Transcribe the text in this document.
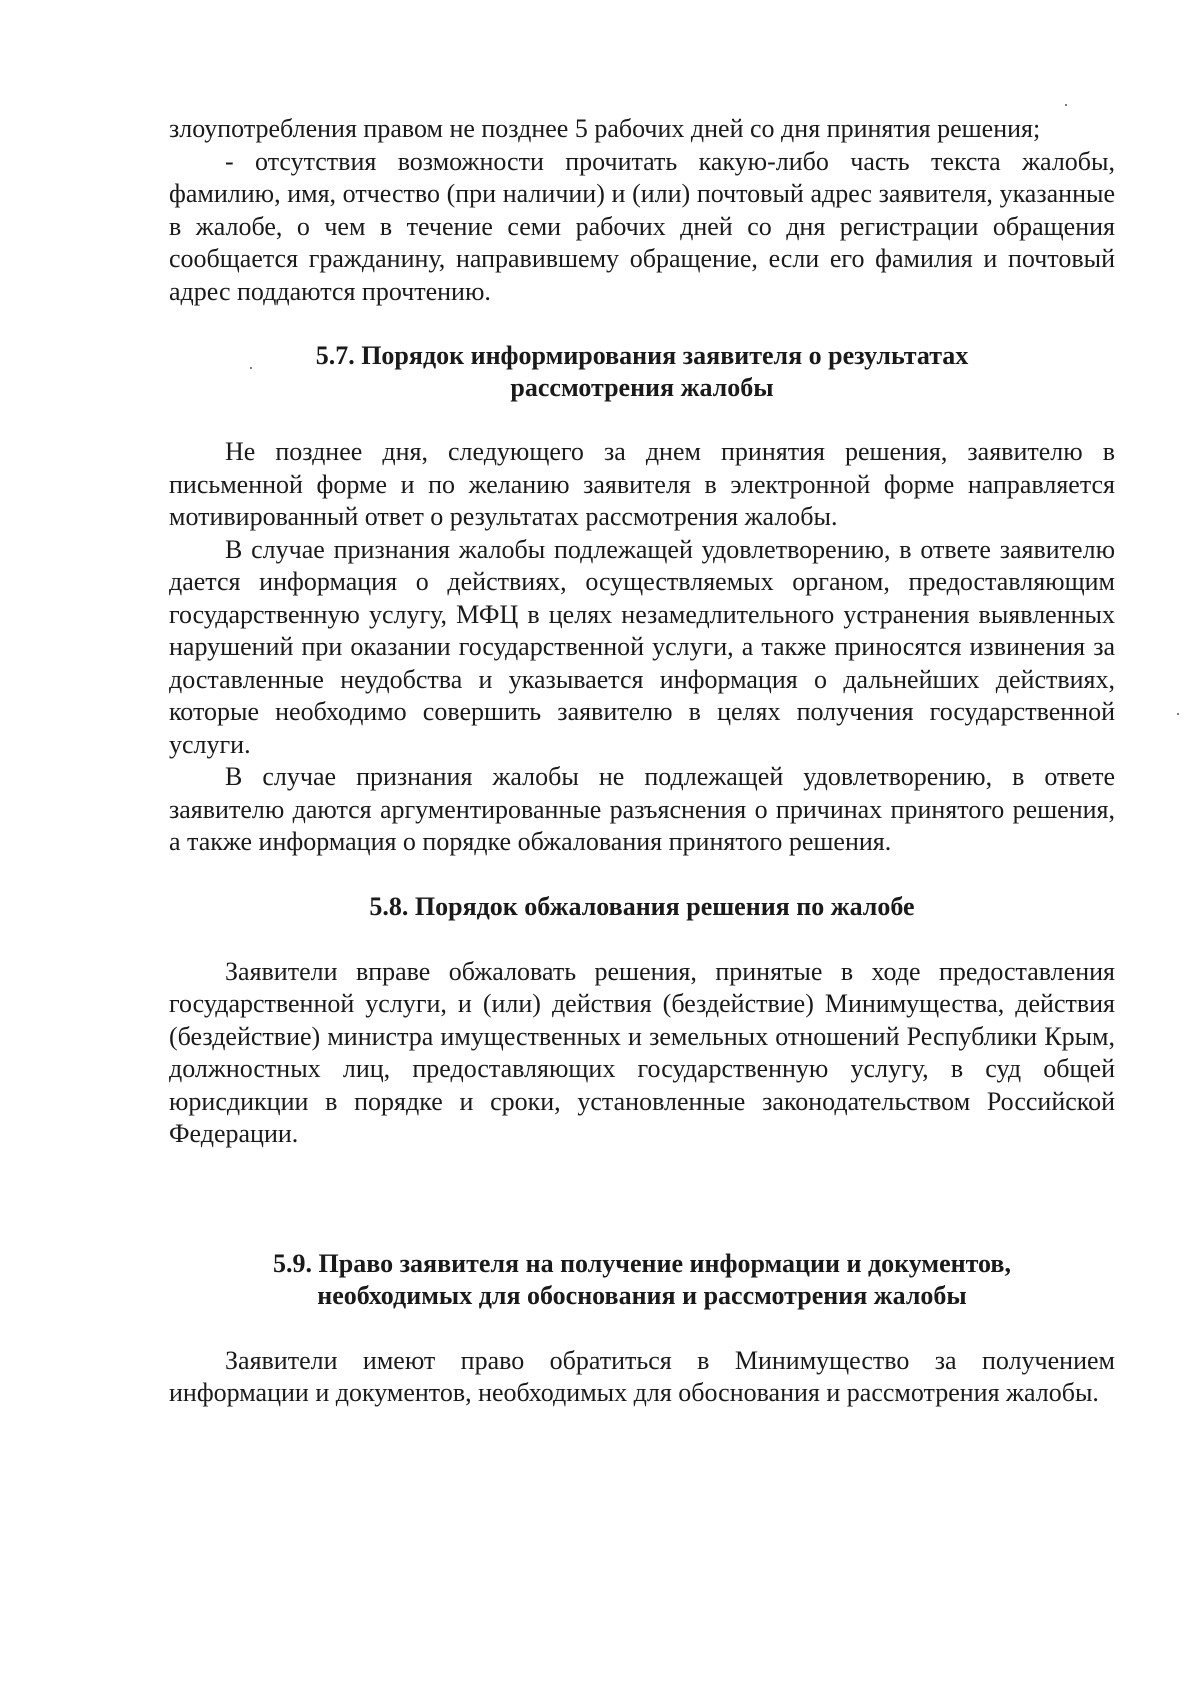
злоупотребления правом не позднее 5 рабочих дней со дня принятия решения;

- отсутствия возможности прочитать какую-либо часть текста жалобы, фамилию, имя, отчество (при наличии) и (или) почтовый адрес заявителя, указанные в жалобе, о чем в течение семи рабочих дней со дня регистрации обращения сообщается гражданину, направившему обращение, если его фамилия и почтовый адрес поддаются прочтению.

5.7. Порядок информирования заявителя о результатах
рассмотрения жалобы

Не позднее дня, следующего за днем принятия решения, заявителю в письменной форме и по желанию заявителя в электронной форме направляется мотивированный ответ о результатах рассмотрения жалобы.

В случае признания жалобы подлежащей удовлетворению, в ответе заявителю дается информация о действиях, осуществляемых органом, предоставляющим государственную услугу, МФЦ в целях незамедлительного устранения выявленных нарушений при оказании государственной услуги, а также приносятся извинения за доставленные неудобства и указывается информация о дальнейших действиях, которые необходимо совершить заявителю в целях получения государственной услуги.

В случае признания жалобы не подлежащей удовлетворению, в ответе заявителю даются аргументированные разъяснения о причинах принятого решения, а также информация о порядке обжалования принятого решения.

5.8. Порядок обжалования решения по жалобе

Заявители вправе обжаловать решения, принятые в ходе предоставления государственной услуги, и (или) действия (бездействие) Минимущества, действия (бездействие) министра имущественных и земельных отношений Республики Крым, должностных лиц, предоставляющих государственную услугу, в суд общей юрисдикции в порядке и сроки, установленные законодательством Российской Федерации.

5.9. Право заявителя на получение информации и документов,
необходимых для обоснования и рассмотрения жалобы

Заявители имеют право обратиться в Минимущество за получением информации и документов, необходимых для обоснования и рассмотрения жалобы.
